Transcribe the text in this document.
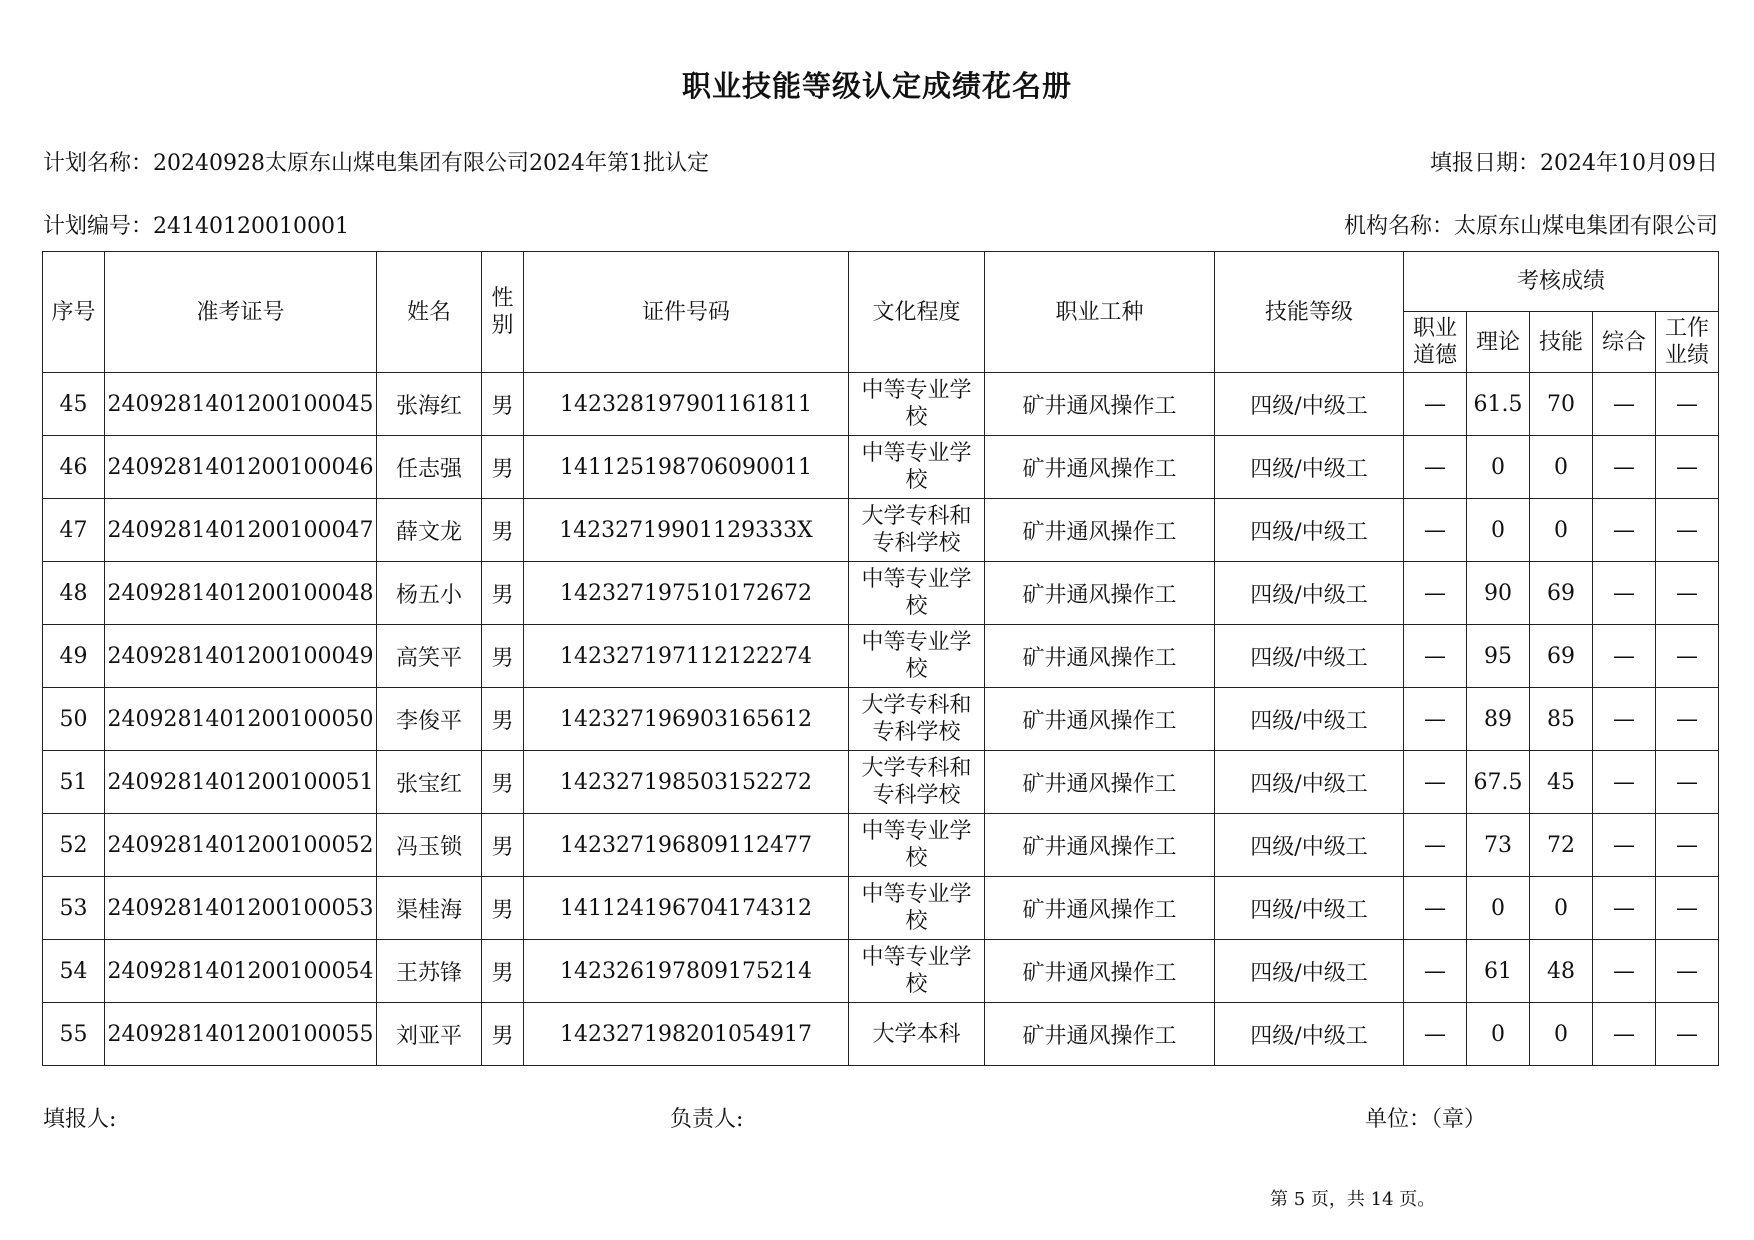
职业技能等级认定成绩花名册
计划名称：20240928太原东山煤电集团有限公司2024年第1批认定	填报日期：2024年10月09日
计划编号：24140120010001	机构名称：太原东山煤电集团有限公司
序号	准考证号	姓名	性
别	证件号码	文化程度	职业工种	技能等级	考核成绩				
								职业
道德	理论	技能	综合	工作
业绩
45	2409281401200100045	张海红	男	142328197901161811	中等专业学
校	矿井通风操作工	四级/中级工	—	61.5	70	—	—
46	2409281401200100046	任志强	男	141125198706090011	中等专业学
校	矿井通风操作工	四级/中级工	—	0	0	—	—
47	2409281401200100047	薛文龙	男	14232719901129333X	大学专科和
专科学校	矿井通风操作工	四级/中级工	—	0	0	—	—
48	2409281401200100048	杨五小	男	142327197510172672	中等专业学
校	矿井通风操作工	四级/中级工	—	90	69	—	—
49	2409281401200100049	高笑平	男	142327197112122274	中等专业学
校	矿井通风操作工	四级/中级工	—	95	69	—	—
50	2409281401200100050	李俊平	男	142327196903165612	大学专科和
专科学校	矿井通风操作工	四级/中级工	—	89	85	—	—
51	2409281401200100051	张宝红	男	142327198503152272	大学专科和
专科学校	矿井通风操作工	四级/中级工	—	67.5	45	—	—
52	2409281401200100052	冯玉锁	男	142327196809112477	中等专业学
校	矿井通风操作工	四级/中级工	—	73	72	—	—
53	2409281401200100053	渠桂海	男	141124196704174312	中等专业学
校	矿井通风操作工	四级/中级工	—	0	0	—	—
54	2409281401200100054	王苏锋	男	142326197809175214	中等专业学
校	矿井通风操作工	四级/中级工	—	61	48	—	—
55	2409281401200100055	刘亚平	男	142327198201054917	大学本科	矿井通风操作工	四级/中级工	—	0	0	—	—
填报人:	负责人:	单位：（章）
第 5 页，共 14 页。
